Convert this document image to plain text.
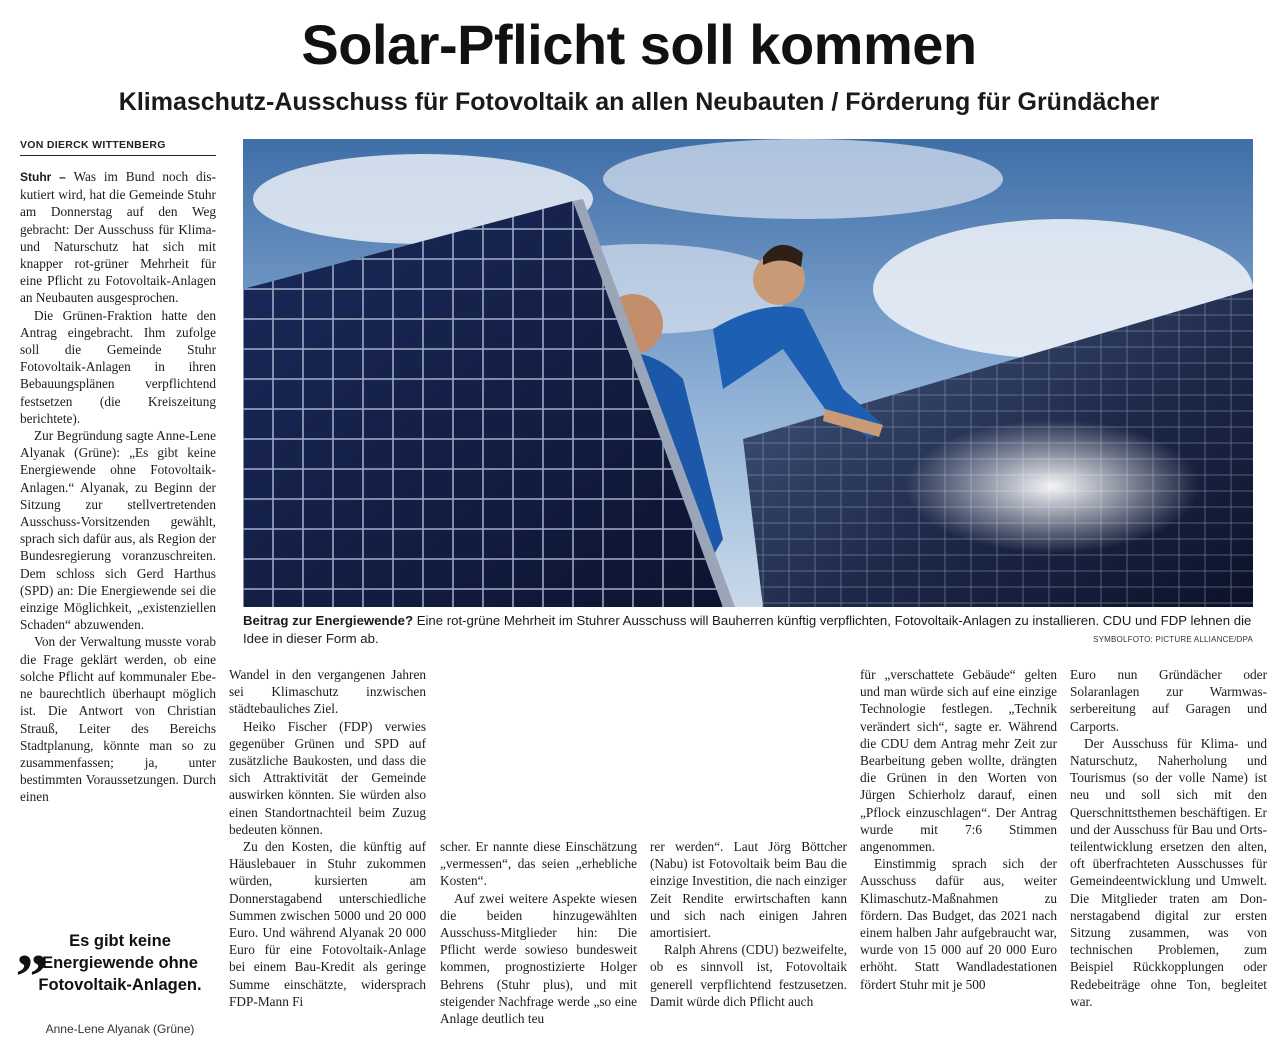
Solar-Pflicht soll kommen
Klimaschutz-Ausschuss für Fotovoltaik an allen Neubauten / Förderung für Gründächer
VON DIERCK WITTENBERG

Stuhr – Was im Bund noch diskutiert wird, hat die Gemeinde Stuhr am Donnerstag auf den Weg gebracht: Der Ausschuss für Klima- und Naturschutz hat sich mit knapper rot-grüner Mehrheit für eine Pflicht zu Fotovoltaik-Anlagen an Neubauten ausgesprochen.

Die Grünen-Fraktion hatte den Antrag eingebracht. Ihm zufolge soll die Gemeinde Stuhr Fotovoltaik-Anlagen in ihren Bebauungsplänen verpflichtend festsetzen (die Kreiszeitung berichtete).

Zur Begründung sagte Anne-Lene Alyanak (Grüne): „Es gibt keine Energiewende ohne Fotovoltaik-Anlagen.“ Alyanak, zu Beginn der Sitzung zur stellvertretenden Ausschuss-Vorsitzenden gewählt, sprach sich dafür aus, als Region der Bundesregierung voranzuschreiten. Dem schloss sich Gerd Harthus (SPD) an: Die Energiewende sei die einzige Möglichkeit, „existenziellen Schaden“ abzuwenden.

Von der Verwaltung musste vorab die Frage geklärt werden, ob eine solche Pflicht auf kommunaler Ebene baurechtlich überhaupt möglich ist. Die Antwort von Christian Strauß, Leiter des Bereichs Stadtplanung, könnte man so zu zusammenfassen; ja, unter bestimmten Voraussetzungen. Durch einen

„	Es gibt keine
Energiewende ohne
Fotovoltaik-Anlagen.
Anne-Lene Alyanak (Grüne)
Beitrag zur Energiewende? Eine rot-grüne Mehrheit im Stuhrer Ausschuss will Bauherren künftig verpflichten, Fotovoltaik-Anlagen zu installieren. CDU und FDP lehnen die Idee in dieser Form ab.	SYMBOLFOTO: PICTURE ALLIANCE/DPA

Wandel in den vergangenen Jahren sei Klimaschutz inzwischen städtebauliches Ziel.

Heiko Fischer (FDP) verwies gegenüber Grünen und SPD auf zusätzliche Baukosten, und dass die sich Attraktivität der Gemeinde auswirken könnten. Sie würden also einen Standortnachteil beim Zuzug bedeuten können.

Zu den Kosten, die künftig auf Häuslebauer in Stuhr zukommen würden, kursierten am Donnerstagabend unterschiedliche Summen zwischen 5000 und 20 000 Euro. Und während Alyanak 20 000 Euro für eine Fotovoltaik-Anlage bei einem Bau-Kredit als geringe Summe einschätzte, widersprach FDP-Mann Fi

scher. Er nannte diese Einschätzung „vermessen“, das seien „erhebliche Kosten“.

Auf zwei weitere Aspekte wiesen die beiden hinzugewählten Ausschuss-Mitglieder hin: Die Pflicht werde sowieso bundesweit kommen, prognostizierte Holger Behrens (Stuhr plus), und mit steigender Nachfrage werde „so eine Anlage deutlich teu

rer werden“. Laut Jörg Böttcher (Nabu) ist Fotovoltaik beim Bau die einzige Investition, die nach einziger Zeit Rendite erwirtschaften kann und sich nach einigen Jahren amortisiert.

Ralph Ahrens (CDU) bezweifelte, ob es sinnvoll ist, Fotovoltaik generell verpflichtend festzusetzen. Damit würde dich Pflicht auch

für „verschattete Gebäude“ gelten und man würde sich auf eine einzige Technologie festlegen. „Technik verändert sich“, sagte er. Während die CDU dem Antrag mehr Zeit zur Bearbeitung geben wollte, drängten die Grünen in den Worten von Jürgen Schierholz darauf, einen „Pflock einzuschlagen“. Der Antrag wurde mit 7:6 Stimmen angenommen.

Einstimmig sprach sich der Ausschuss dafür aus, weiter Klimaschutz-Maßnahmen zu fördern. Das Budget, das 2021 nach einem halben Jahr aufgebraucht war, wurde von 15 000 auf 20 000 Euro erhöht. Statt Wandladestationen fördert Stuhr mit je 500

Euro nun Gründächer oder Solaranlagen zur Warmwasserbereitung auf Garagen und Carports.

Der Ausschuss für Klima- und Naturschutz, Naherholung und Tourismus (so der volle Name) ist neu und soll sich mit den Querschnittsthemen beschäftigen. Er und der Ausschuss für Bau und Ortsteilentwicklung ersetzen den alten, oft überfrachteten Ausschusses für Gemeindeentwicklung und Umwelt. Die Mitglieder traten am Donnerstagabend digital zur ersten Sitzung zusammen, was von technischen Problemen, zum Beispiel Rückkopplungen oder Redebeiträge ohne Ton, begleitet war.
